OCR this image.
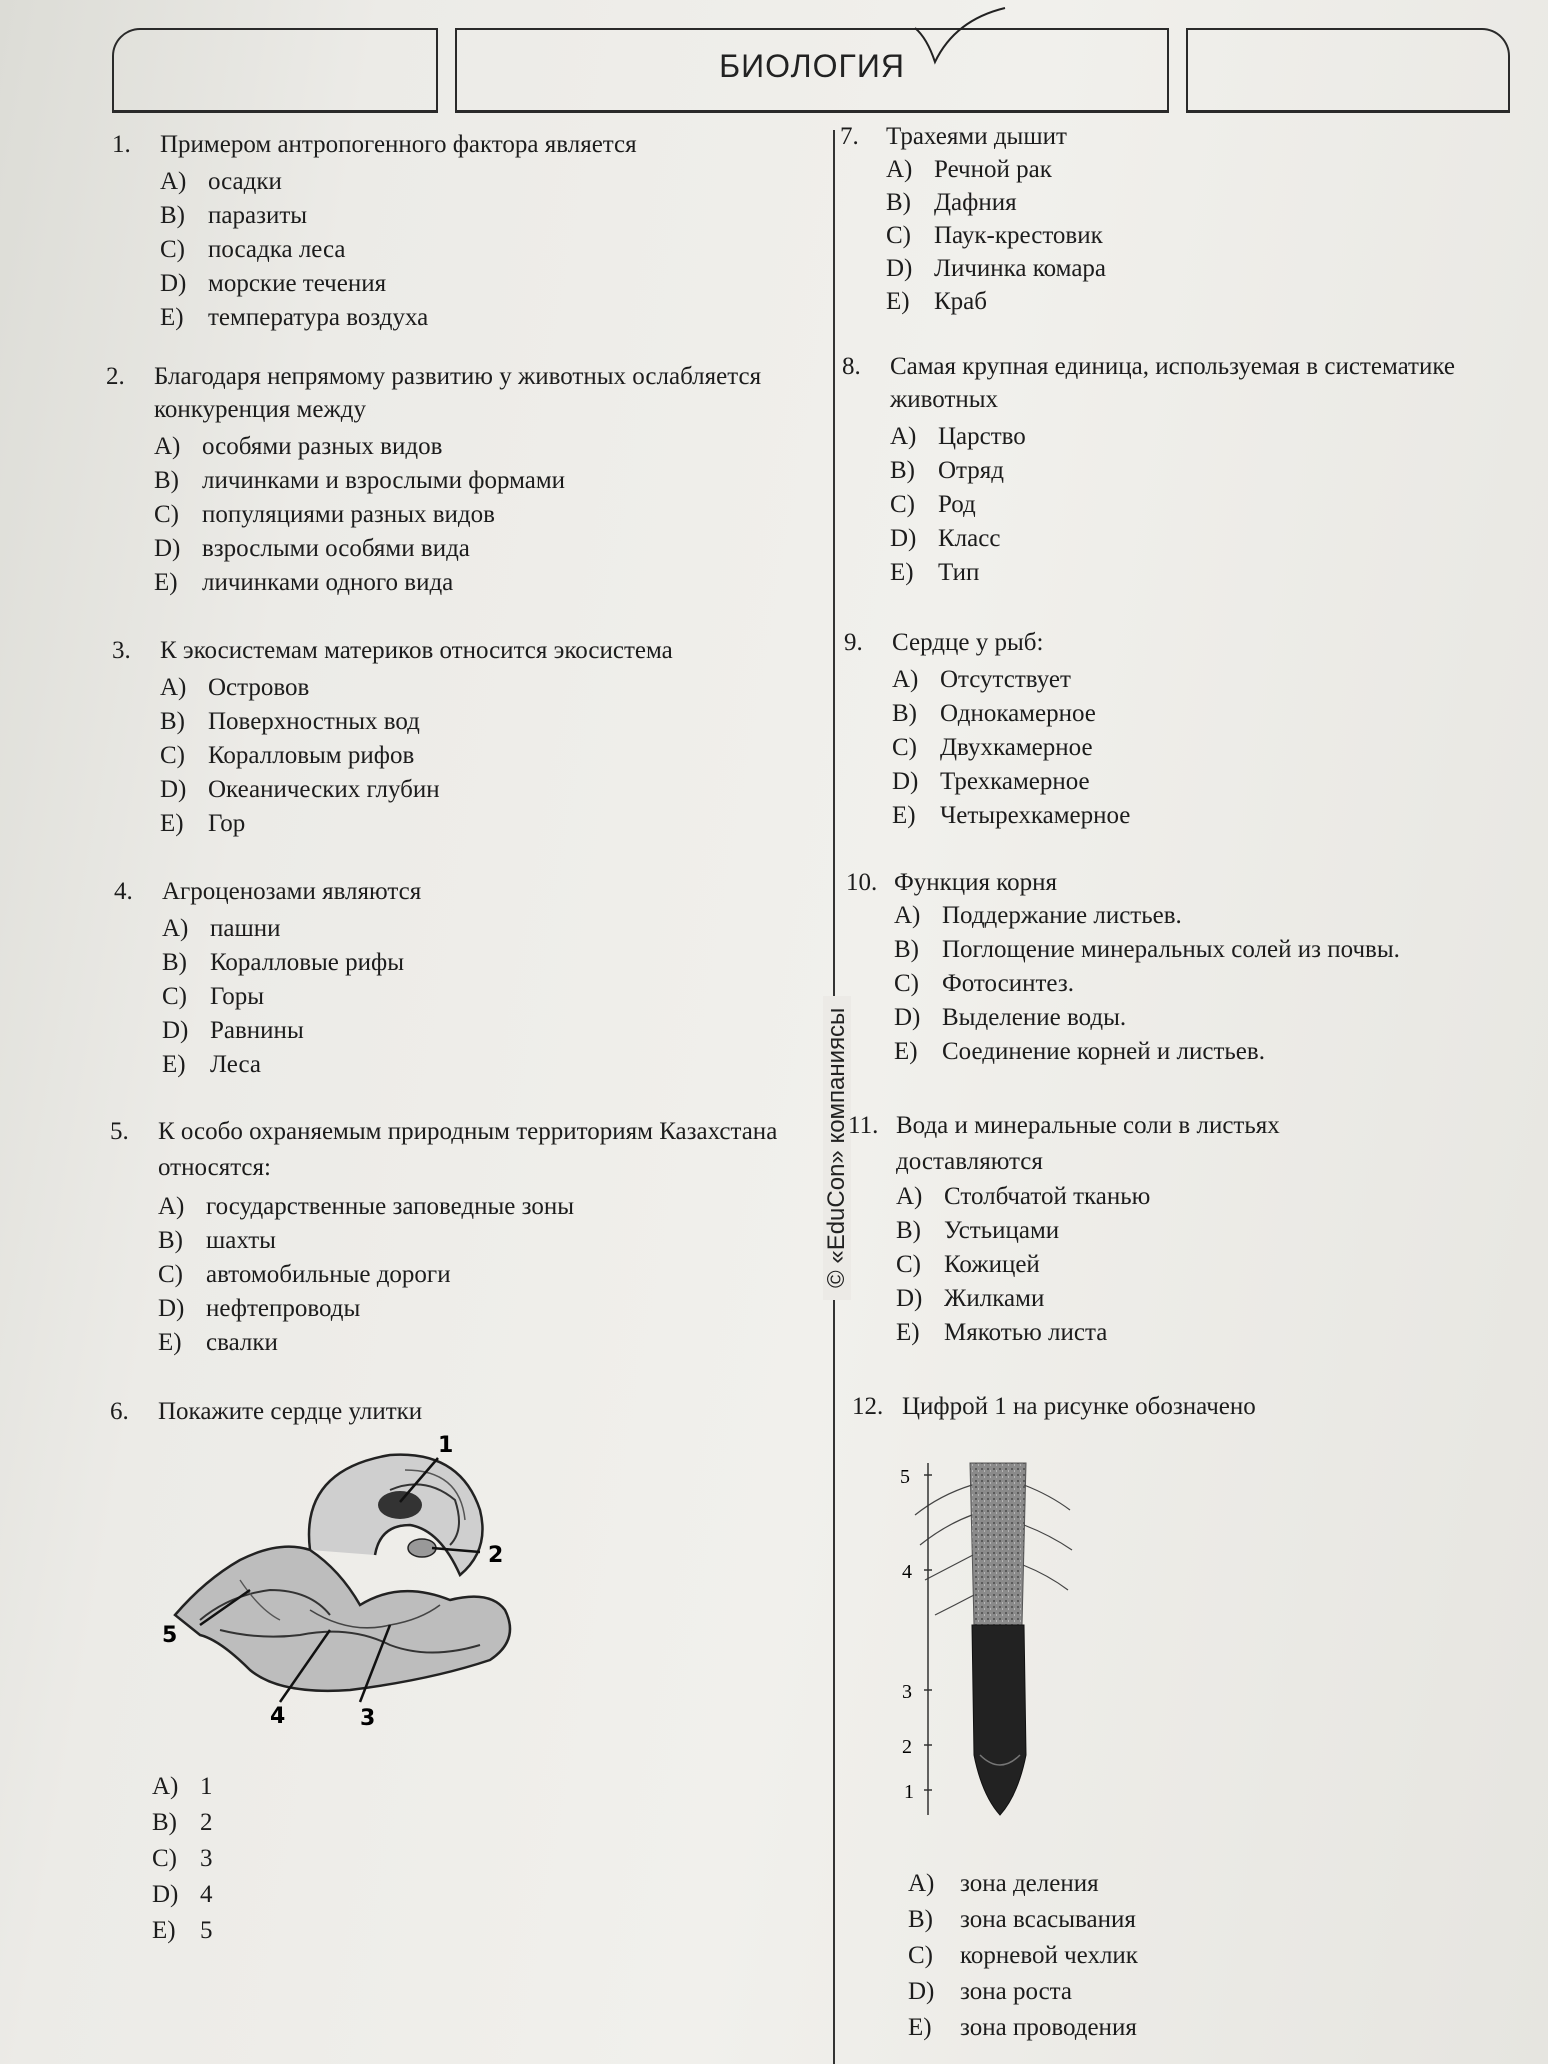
БИОЛОГИЯ
© «EduCon» компаниясы
1. Примером антропогенного фактора является
A) осадки
B) паразиты
C) посадка леса
D) морские течения
E) температура воздуха
2. Благодаря непрямому развитию у животных ослабляется конкуренция между
A) особями разных видов
B) личинками и взрослыми формами
C) популяциями разных видов
D) взрослыми особями вида
E) личинками одного вида
3. К экосистемам материков относится экосистема
A) Островов
B) Поверхностных вод
C) Коралловым рифов
D) Океанических глубин
E) Гор
4. Агроценозами являются
A) пашни
B) Коралловые рифы
C) Горы
D) Равнины
E) Леса
5. К особо охраняемым природным территориям Казахстана относятся:
A) государственные заповедные зоны
B) шахты
C) автомобильные дороги
D) нефтепроводы
E) свалки
6. Покажите сердце улитки
1
2
3
4
5
A) 1
B) 2
C) 3
D) 4
E) 5
7. Трахеями дышит
A) Речной рак
B) Дафния
C) Паук-крестовик
D) Личинка комара
E) Краб
8. Самая крупная единица, используемая в систематике животных
A) Царство
B) Отряд
C) Род
D) Класс
E) Тип
9. Сердце у рыб:
A) Отсутствует
B) Однокамерное
C) Двухкамерное
D) Трехкамерное
E) Четырехкамерное
10. Функция корня
A) Поддержание листьев.
B) Поглощение минеральных солей из почвы.
C) Фотосинтез.
D) Выделение воды.
E) Соединение корней и листьев.
11. Вода и минеральные соли в листьях доставляются
A) Столбчатой тканью
B) Устьицами
C) Кожицей
D) Жилками
E) Мякотью листа
12. Цифрой 1 на рисунке обозначено
5
4
3
2
1
A) зона деления
B) зона всасывания
C) корневой чехлик
D) зона роста
E) зона проводения
